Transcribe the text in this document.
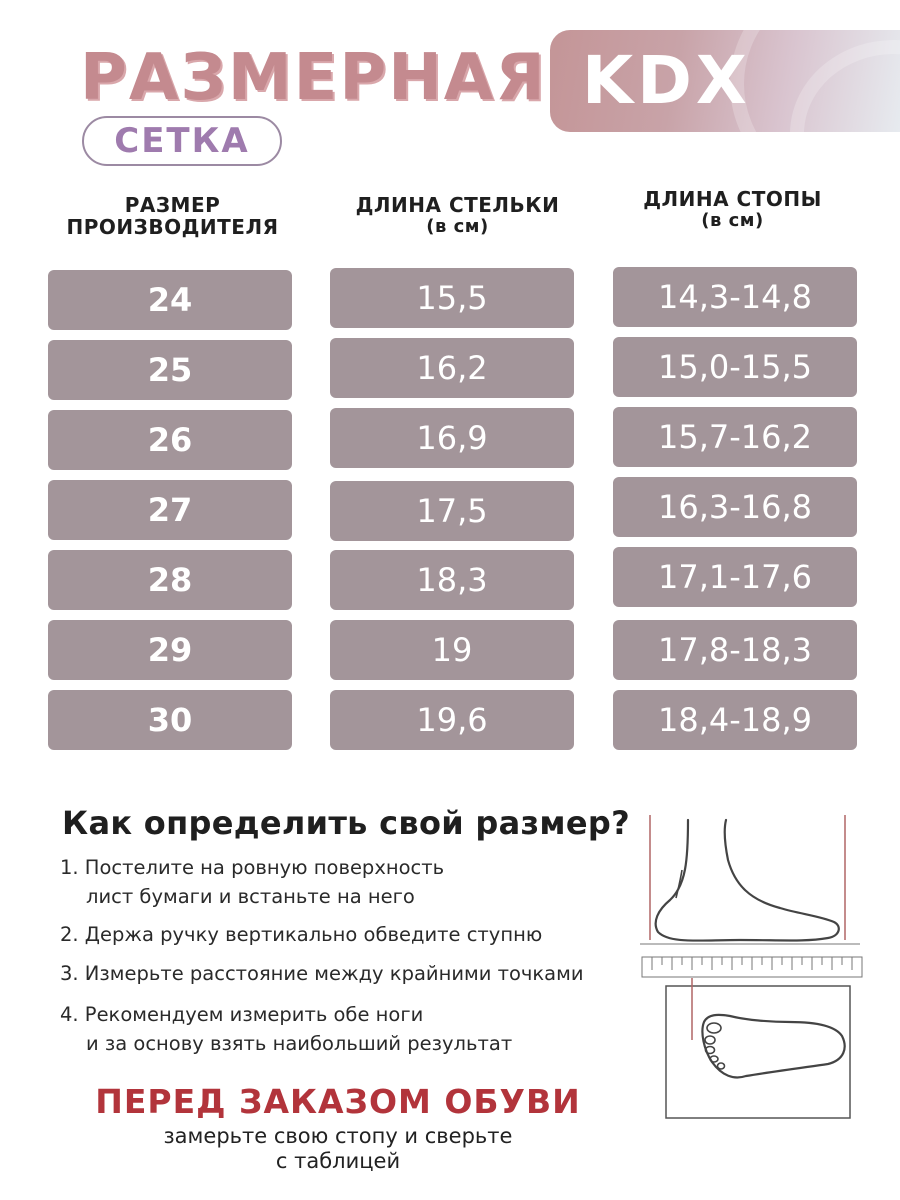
РАЗМЕРНАЯ
СЕТКА
KDX
РАЗМЕР
ПРОИЗВОДИТЕЛЯ
ДЛИНА СТЕЛЬКИ
(в см)
ДЛИНА СТОПЫ
(в см)
24	15,5	14,3-14,8
25	16,2	15,0-15,5
26	16,9	15,7-16,2
27	17,5	16,3-16,8
28	18,3	17,1-17,6
29	19	17,8-18,3
30	19,6	18,4-18,9
Как определить свой размер?
1. Постелите на ровную поверхность
лист бумаги и встаньте на него
2. Держа ручку вертикально обведите ступню
3. Измерьте расстояние между крайними точками
4. Рекомендуем измерить обе ноги
и за основу взять наибольший результат
ПЕРЕД ЗАКАЗОМ ОБУВИ
замерьте свою стопу и сверьте
с таблицей
